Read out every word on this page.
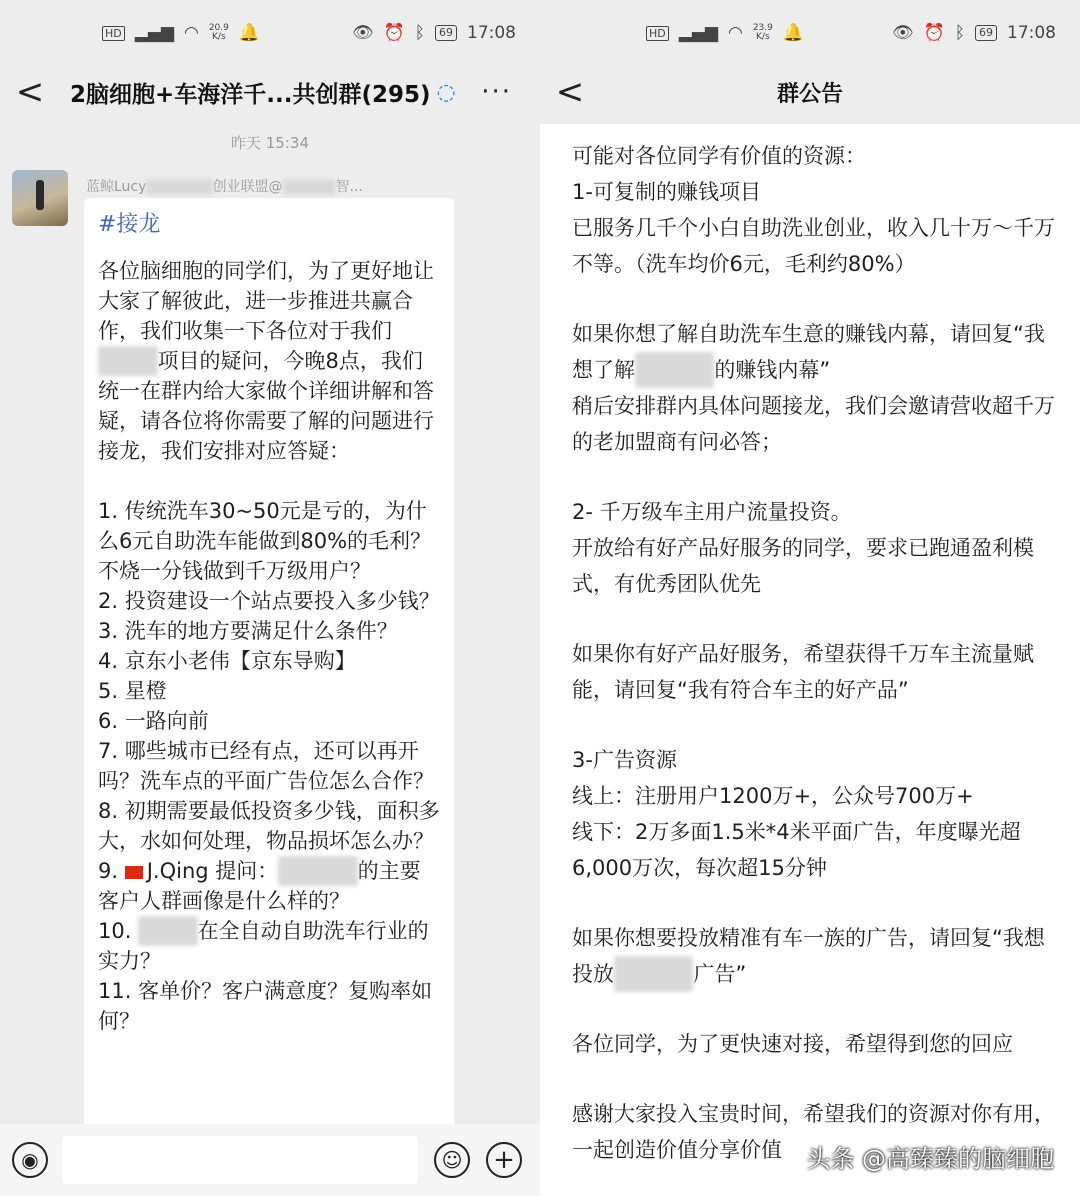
HD ▂▄▆ ◠ 20.9
K/s 🔔	👁 ⏰ ᛒ	69 17:08
<	2脑细胞+车海洋千...共创群(295) ◌ ···
昨天 15:34
蓝鲸Lucy	创业联盟@	智...
#接龙
各位脑细胞的同学们，为了更好地让大家了解彼此，进一步推进共赢合作，我们收集一下各位对于我们项目的疑问，今晚8点，我们统一在群内给大家做个详细讲解和答疑，请各位将你需要了解的问题进行接龙，我们安排对应答疑：
1. 传统洗车30~50元是亏的，为什么6元自助洗车能做到80%的毛利？不烧一分钱做到千万级用户？
2. 投资建设一个站点要投入多少钱？
3. 洗车的地方要满足什么条件？
4. 京东小老伟【京东导购】
5. 星橙
6. 一路向前
7. 哪些城市已经有点，还可以再开吗？洗车点的平面广告位怎么合作？
8. 初期需要最低投资多少钱，面积多大，水如何处理，物品损坏怎么办？
9. J.Qing 提问：	的主要客户人群画像是什么样的？
10.	在全自动自助洗车行业的实力？
11. 客单价？客户满意度？复购率如何？
◉	☺ +
HD ▂▄▆ ◠ 23.9
K/s 🔔	👁 ⏰ ᛒ	69 17:08
<	群公告
可能对各位同学有价值的资源：
1-可复制的赚钱项目
已服务几千个小白自助洗业创业，收入几十万～千万不等。（洗车均价6元，毛利约80%）
如果你想了解自助洗车生意的赚钱内幕，请回复“我想了解	的赚钱内幕”
稍后安排群内具体问题接龙，我们会邀请营收超千万的老加盟商有问必答；
2- 千万级车主用户流量投资。
开放给有好产品好服务的同学，要求已跑通盈利模式，有优秀团队优先
如果你有好产品好服务，希望获得千万车主流量赋能，请回复“我有符合车主的好产品”
3-广告资源
线上：注册用户1200万+，公众号700万+
线下：2万多面1.5米*4米平面广告，年度曝光超6,000万次，每次超15分钟
如果你想要投放精准有车一族的广告，请回复“我想投放	广告”
各位同学，为了更快速对接，希望得到您的回应
感谢大家投入宝贵时间，希望我们的资源对你有用，一起创造价值分享价值	头条 @高臻臻的脑细胞
